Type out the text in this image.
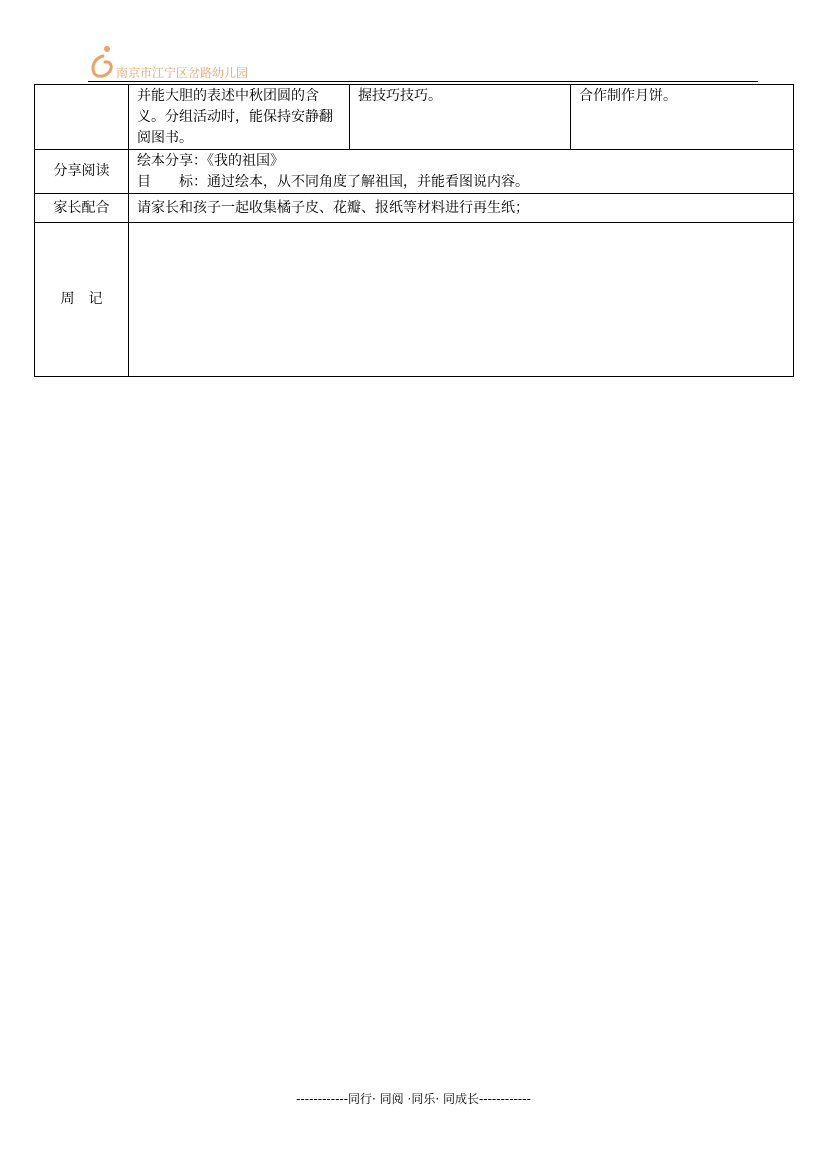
南京市江宁区岔路幼儿园
	并能大胆的表述中秋团圆的含义。分组活动时，能保持安静翻阅图书。	握技巧技巧。	合作制作月饼。
分享阅读	绘本分享：《我的祖国》
目　　标：通过绘本，从不同角度了解祖国，并能看图说内容。		

家长配合	请家长和孩子一起收集橘子皮、花瓣、报纸等材料进行再生纸；		
周　记			
------------同行· 同阅 ·同乐· 同成长------------
